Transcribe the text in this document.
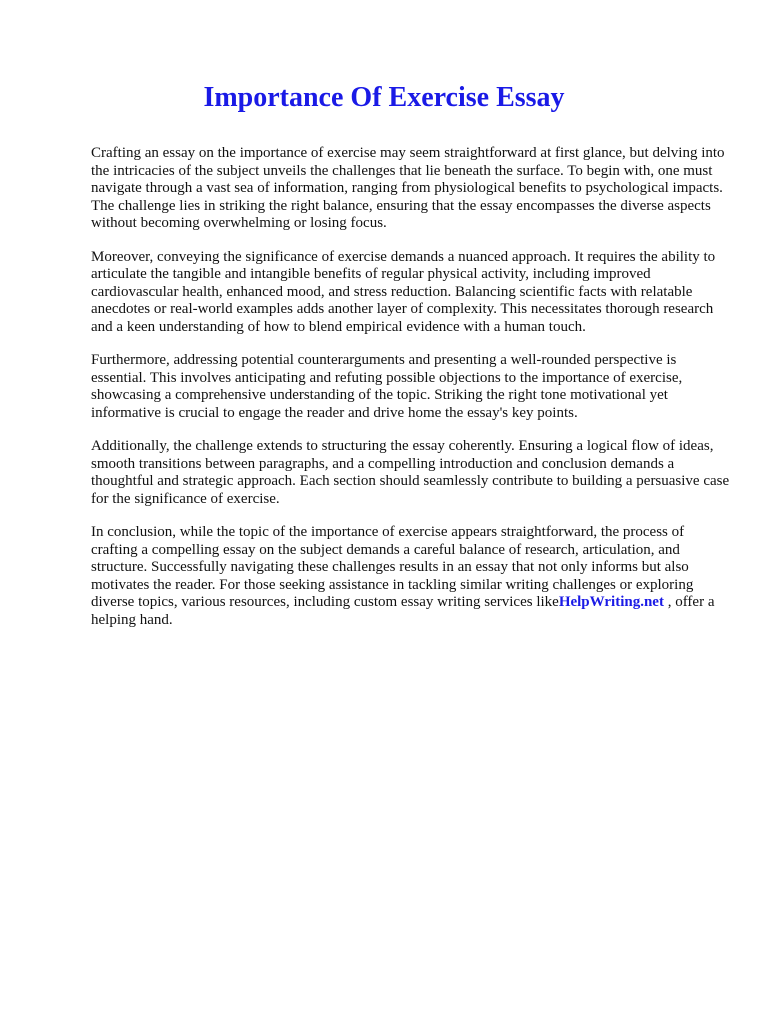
Importance Of Exercise Essay

Crafting an essay on the importance of exercise may seem straightforward at first glance, but delving into the intricacies of the subject unveils the challenges that lie beneath the surface. To begin with, one must navigate through a vast sea of information, ranging from physiological benefits to psychological impacts. The challenge lies in striking the right balance, ensuring that the essay encompasses the diverse aspects without becoming overwhelming or losing focus.

Moreover, conveying the significance of exercise demands a nuanced approach. It requires the ability to articulate the tangible and intangible benefits of regular physical activity, including improved cardiovascular health, enhanced mood, and stress reduction. Balancing scientific facts with relatable anecdotes or real-world examples adds another layer of complexity. This necessitates thorough research and a keen understanding of how to blend empirical evidence with a human touch.

Furthermore, addressing potential counterarguments and presenting a well-rounded perspective is essential. This involves anticipating and refuting possible objections to the importance of exercise, showcasing a comprehensive understanding of the topic. Striking the right tone motivational yet informative is crucial to engage the reader and drive home the essay's key points.

Additionally, the challenge extends to structuring the essay coherently. Ensuring a logical flow of ideas, smooth transitions between paragraphs, and a compelling introduction and conclusion demands a thoughtful and strategic approach. Each section should seamlessly contribute to building a persuasive case for the significance of exercise.

In conclusion, while the topic of the importance of exercise appears straightforward, the process of crafting a compelling essay on the subject demands a careful balance of research, articulation, and structure. Successfully navigating these challenges results in an essay that not only informs but also motivates the reader. For those seeking assistance in tackling similar writing challenges or exploring diverse topics, various resources, including custom essay writing services likeHelpWriting.net , offer a helping hand.
